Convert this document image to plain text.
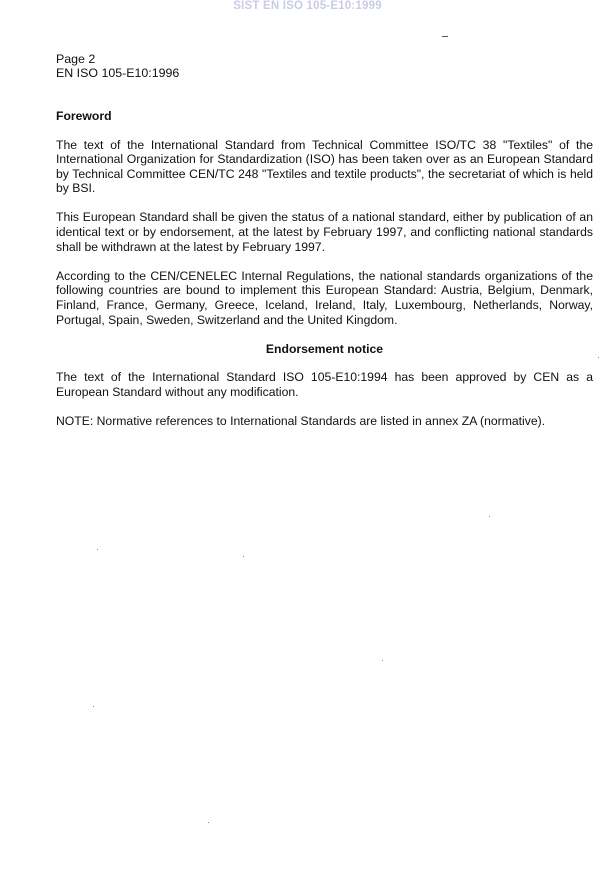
SIST EN ISO 105-E10:1999
Page 2
EN ISO 105-E10:1996
Foreword

The text of the International Standard from Technical Committee ISO/TC 38 "Textiles" of the International Organization for Standardization (ISO) has been taken over as an European Standard by Technical Committee CEN/TC 248 "Textiles and textile products", the secretariat of which is held by BSI.

This European Standard shall be given the status of a national standard, either by publication of an identical text or by endorsement, at the latest by February 1997, and conflicting national standards shall be withdrawn at the latest by February 1997.

According to the CEN/CENELEC Internal Regulations, the national standards organizations of the following countries are bound to implement this European Standard: Austria, Belgium, Denmark, Finland, France, Germany, Greece, Iceland, Ireland, Italy, Luxembourg, Netherlands, Norway, Portugal, Spain, Sweden, Switzerland and the United Kingdom.

Endorsement notice

The text of the International Standard ISO 105-E10:1994 has been approved by CEN as a European Standard without any modification.

NOTE: Normative references to International Standards are listed in annex ZA (normative).
